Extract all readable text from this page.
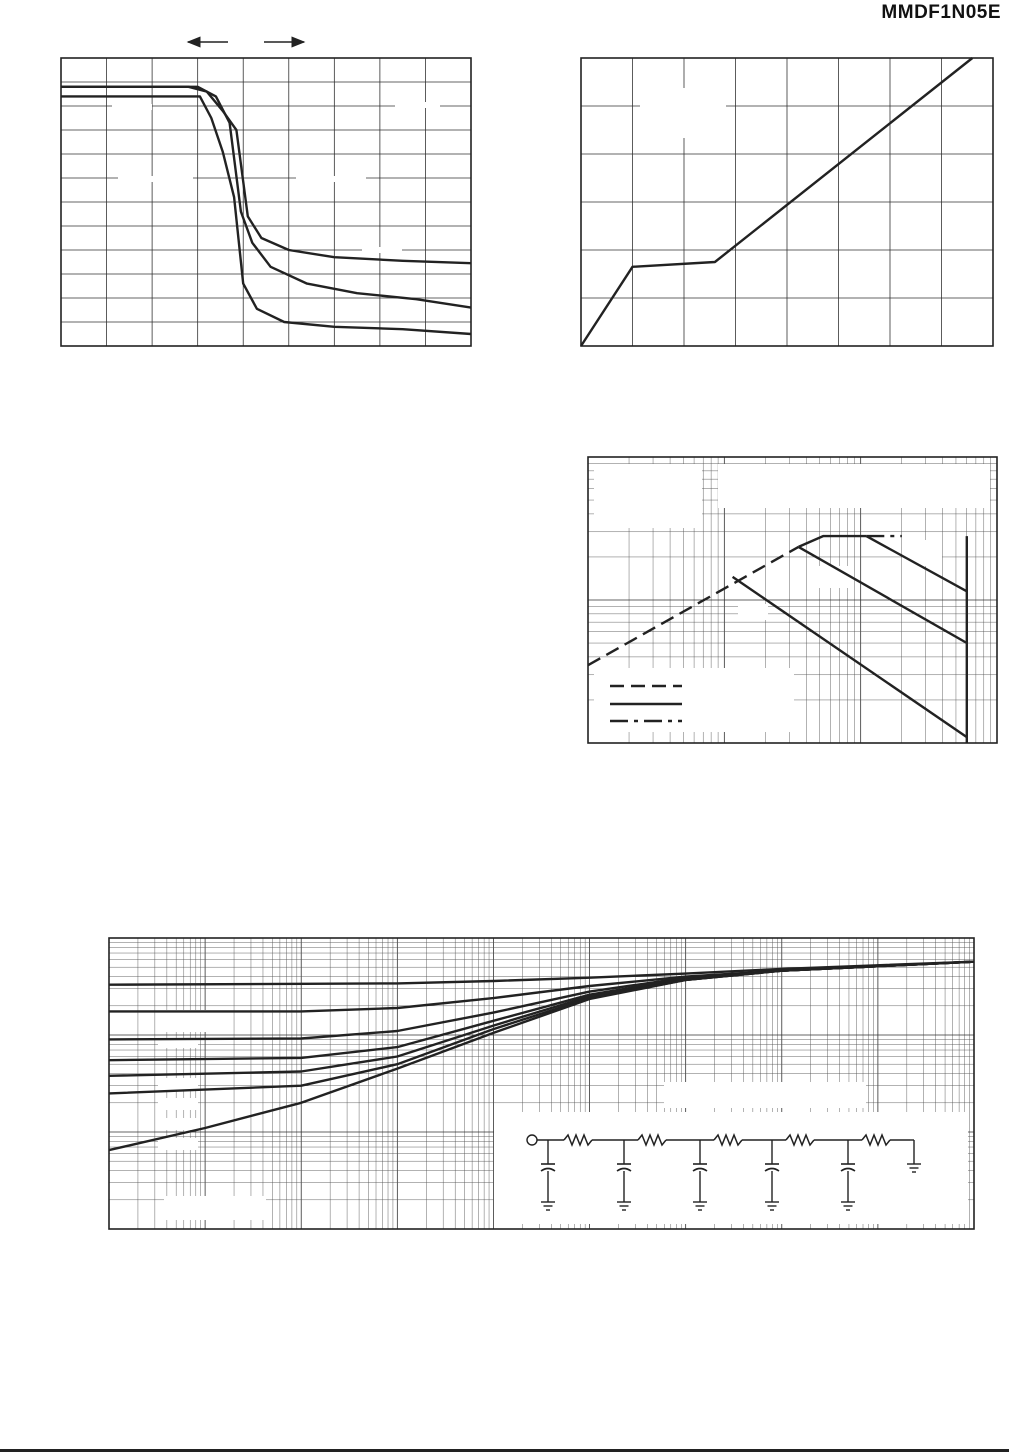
MMDF1N05E
